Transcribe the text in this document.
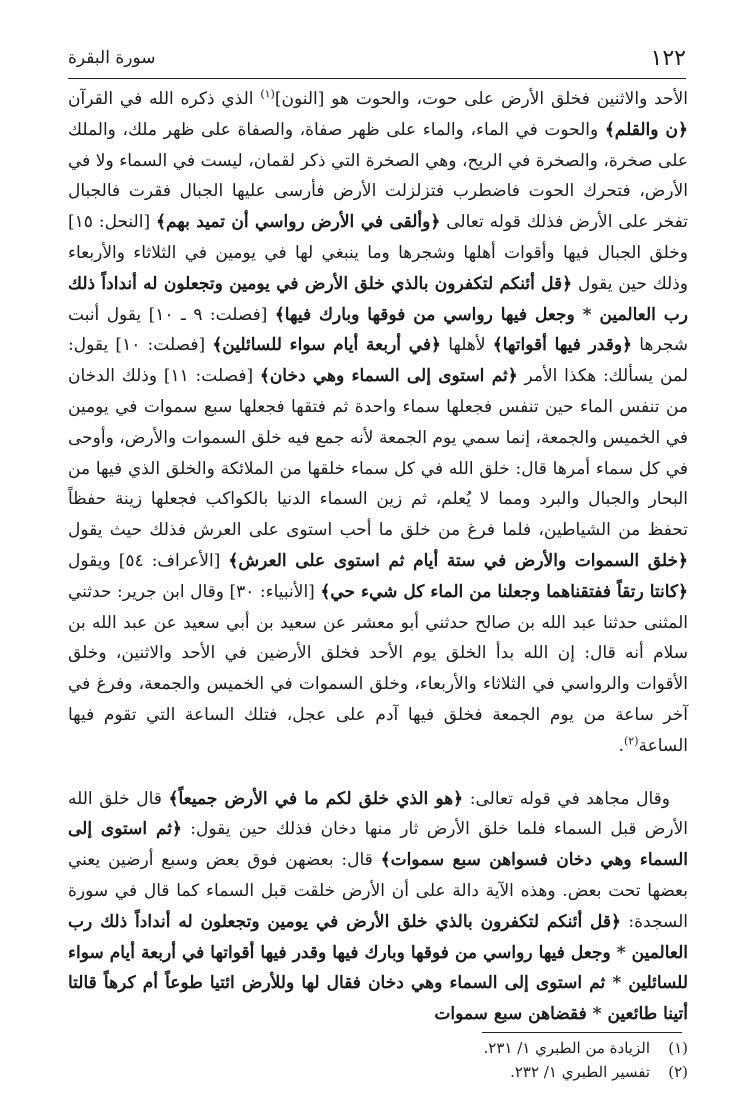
١٢٢
سورة البقرة

الأحد والاثنين فخلق الأرض على حوت، والحوت هو [النون]$^{(١)}$ الذي ذكره الله في القرآن ﴿ن والقلم﴾ والحوت في الماء، والماء على ظهر صفاة، والصفاة على ظهر ملك، والملك على صخرة، والصخرة في الريح، وهي الصخرة التي ذكر لقمان، ليست في السماء ولا في الأرض، فتحرك الحوت فاضطرب فتزلزلت الأرض فأرسى عليها الجبال فقرت فالجبال تفخر على الأرض فذلك قوله تعالى ﴿وألقى في الأرض رواسي أن تميد بهم﴾ [النحل: ١٥] وخلق الجبال فيها وأقوات أهلها وشجرها وما ينبغي لها في يومين في الثلاثاء والأربعاء وذلك حين يقول ﴿قل أئنكم لتكفرون بالذي خلق الأرض في يومين وتجعلون له أنداداً ذلك رب العالمين * وجعل فيها رواسي من فوقها وبارك فيها﴾ [فصلت: ٩ ـ ١٠] يقول أنبت شجرها ﴿وقدر فيها أقواتها﴾ لأهلها ﴿في أربعة أيام سواء للسائلين﴾ [فصلت: ١٠] يقول: لمن يسألك: هكذا الأمر ﴿ثم استوى إلى السماء وهي دخان﴾ [فصلت: ١١] وذلك الدخان من تنفس الماء حين تنفس فجعلها سماء واحدة ثم فتقها فجعلها سبع سموات في يومين في الخميس والجمعة، إنما سمي يوم الجمعة لأنه جمع فيه خلق السموات والأرض، وأوحى في كل سماء أمرها قال: خلق الله في كل سماء خلقها من الملائكة والخلق الذي فيها من البحار والجبال والبرد ومما لا يُعلم، ثم زين السماء الدنيا بالكواكب فجعلها زينة حفظاً تحفظ من الشياطين، فلما فرغ من خلق ما أحب استوى على العرش فذلك حيث يقول ﴿خلق السموات والأرض في ستة أيام ثم استوى على العرش﴾ [الأعراف: ٥٤] ويقول ﴿كانتا رتقاً ففتقناهما وجعلنا من الماء كل شيء حي﴾ [الأنبياء: ٣٠] وقال ابن جرير: حدثني المثنى حدثنا عبد الله بن صالح حدثني أبو معشر عن سعيد بن أبي سعيد عن عبد الله بن سلام أنه قال: إن الله بدأ الخلق يوم الأحد فخلق الأرضين في الأحد والاثنين، وخلق الأقوات والرواسي في الثلاثاء والأربعاء، وخلق السموات في الخميس والجمعة، وفرغ في آخر ساعة من يوم الجمعة فخلق فيها آدم على عجل، فتلك الساعة التي تقوم فيها الساعة$^{(٢)}$.

وقال مجاهد في قوله تعالى: ﴿هو الذي خلق لكم ما في الأرض جميعاً﴾ قال خلق الله الأرض قبل السماء فلما خلق الأرض ثار منها دخان فذلك حين يقول: ﴿ثم استوى إلى السماء وهي دخان فسواهن سبع سموات﴾ قال: بعضهن فوق بعض وسبع أرضين يعني بعضها تحت بعض. وهذه الآية دالة على أن الأرض خلقت قبل السماء كما قال في سورة السجدة: ﴿قل أئنكم لتكفرون بالذي خلق الأرض في يومين وتجعلون له أنداداً ذلك رب العالمين * وجعل فيها رواسي من فوقها وبارك فيها وقدر فيها أقواتها في أربعة أيام سواء للسائلين * ثم استوى إلى السماء وهي دخان فقال لها وللأرض ائتيا طوعاً أم كرهاً قالتا أتينا طائعين * فقضاهن سبع سموات

(١)الزيادة من الطبري ١/ ٢٣١.
(٢)تفسير الطبري ١/ ٢٣٢.
